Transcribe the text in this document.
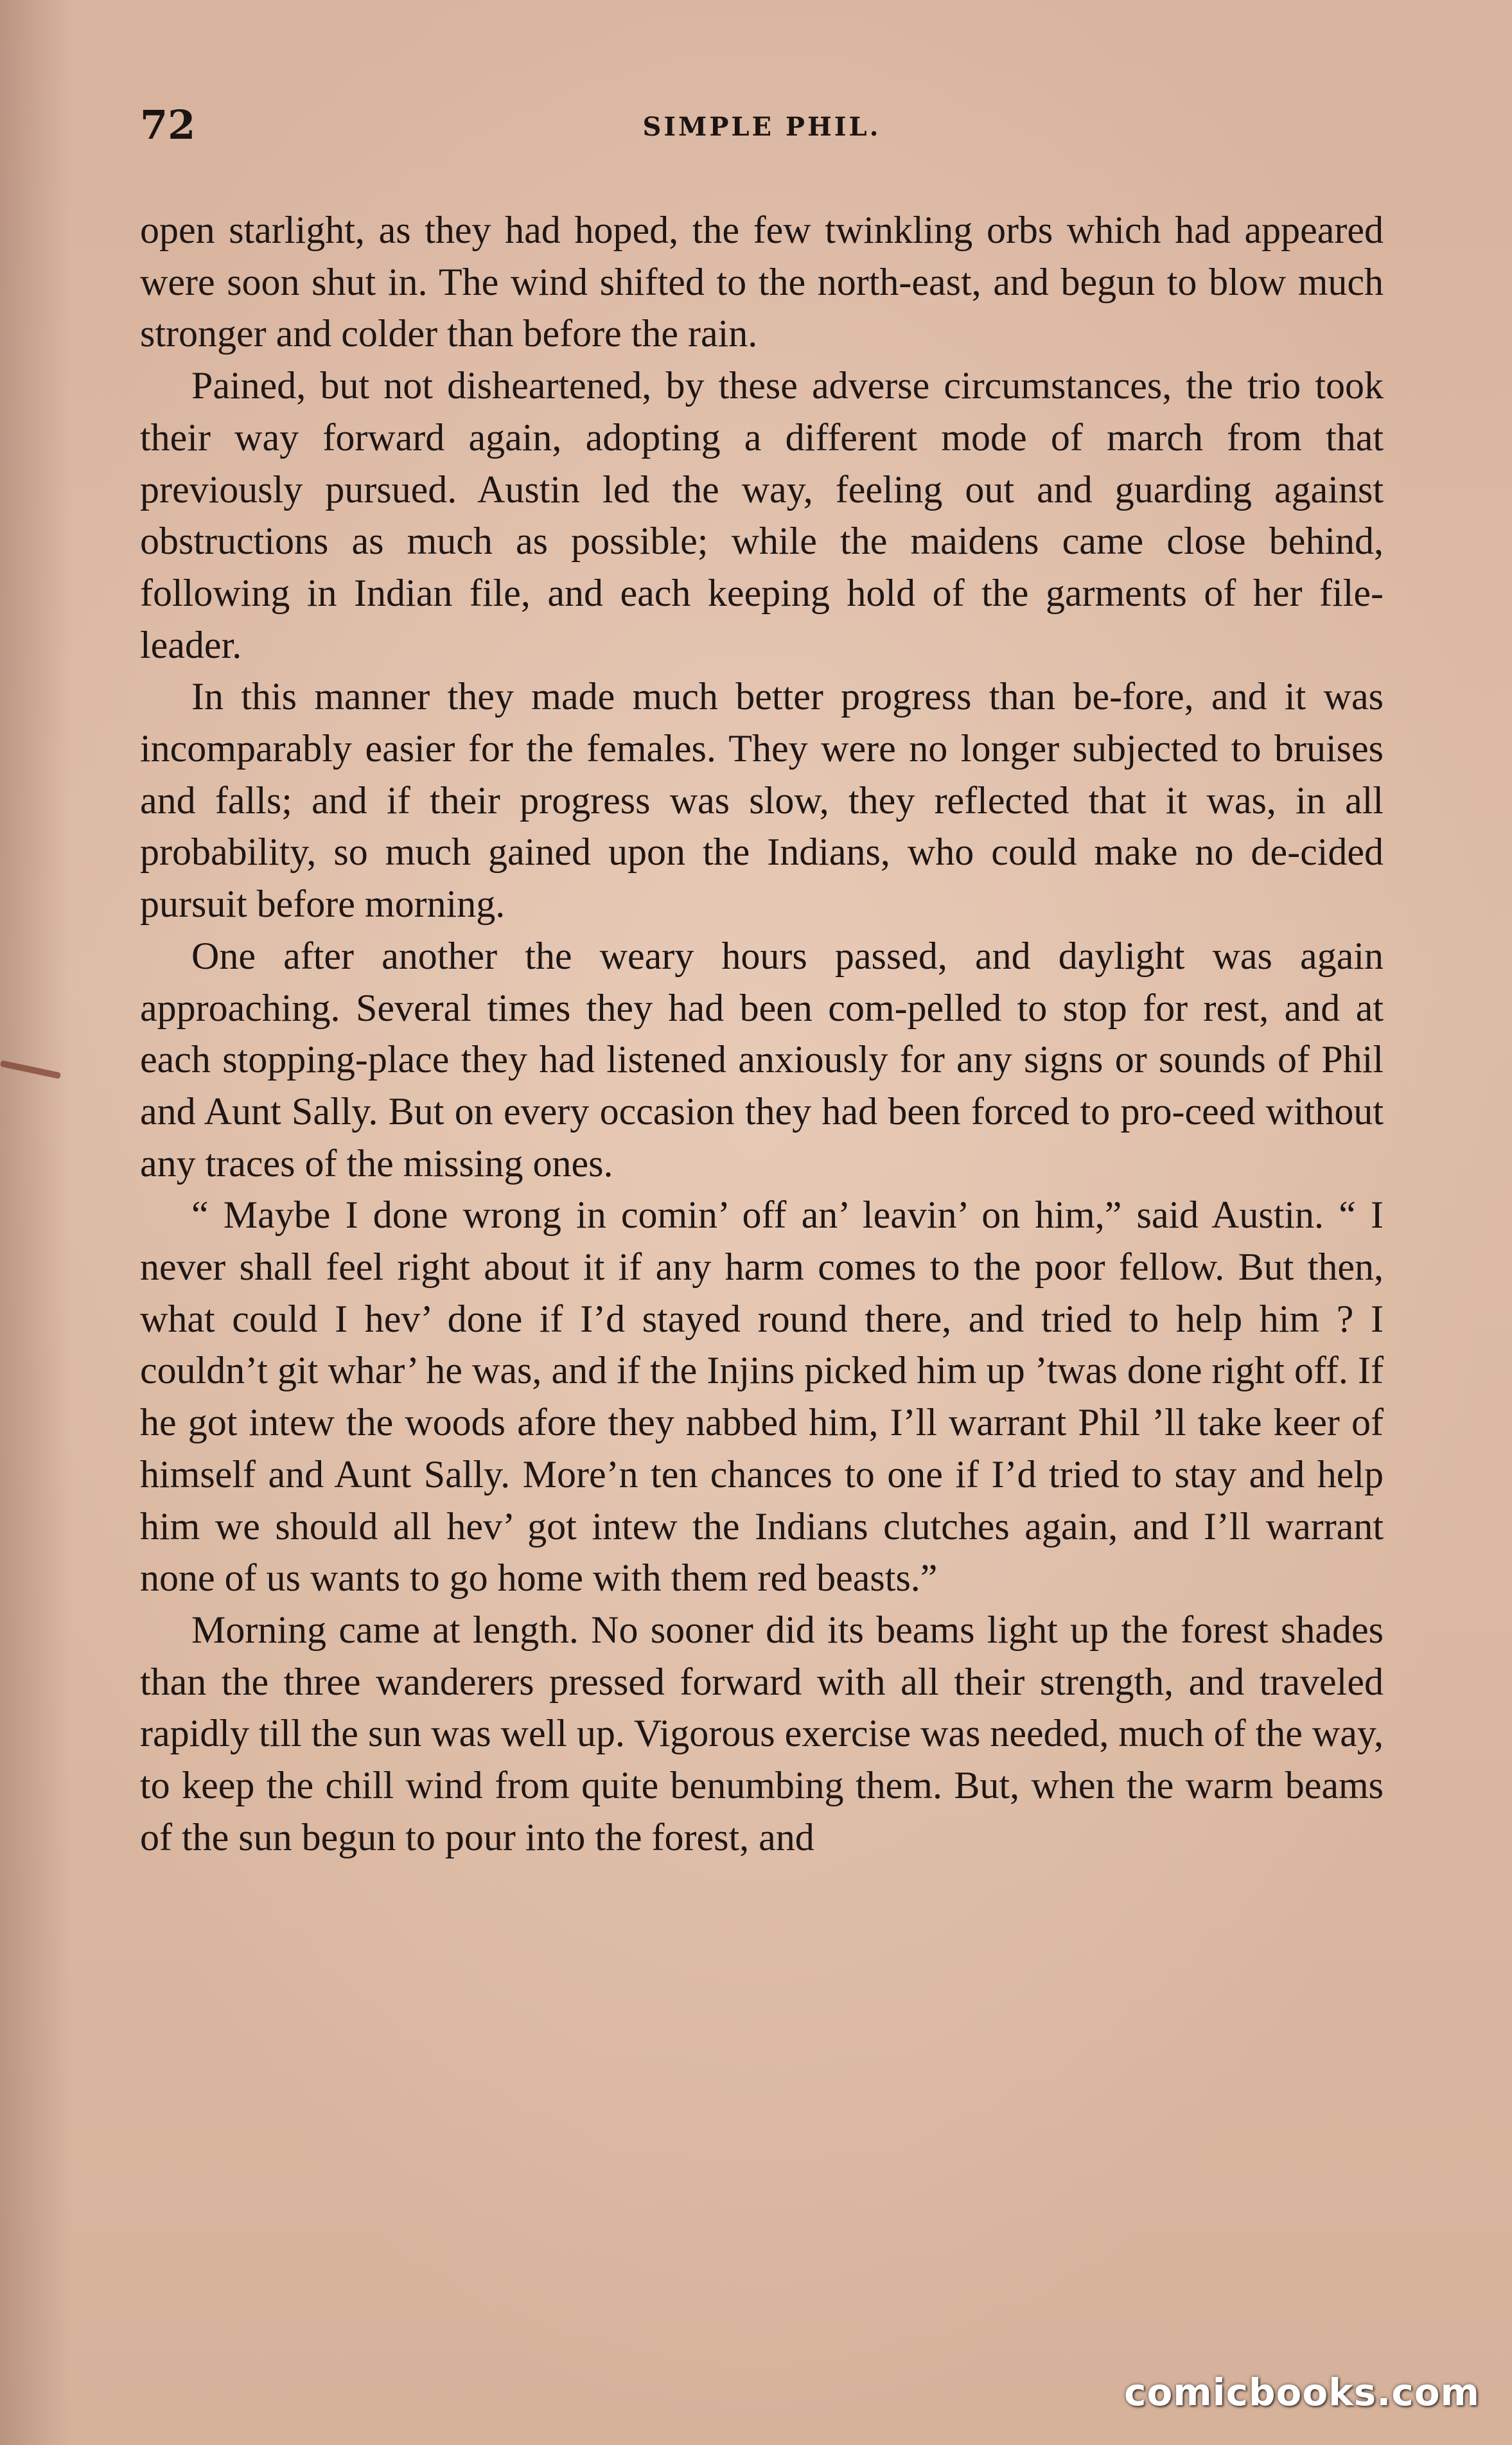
72	SIMPLE PHIL.

open starlight, as they had hoped, the few twinkling orbs which had appeared were soon shut in. The wind shifted to the north-east, and begun to blow much stronger and colder than before the rain.

Pained, but not disheartened, by these adverse circumstances, the trio took their way forward again, adopting a different mode of march from that previously pursued. Austin led the way, feeling out and guarding against obstructions as much as possible; while the maidens came close behind, following in Indian file, and each keeping hold of the garments of her file-leader.

In this manner they made much better progress than be-fore, and it was incomparably easier for the females. They were no longer subjected to bruises and falls; and if their progress was slow, they reflected that it was, in all probability, so much gained upon the Indians, who could make no de-cided pursuit before morning.

One after another the weary hours passed, and daylight was again approaching. Several times they had been com-pelled to stop for rest, and at each stopping-place they had listened anxiously for any signs or sounds of Phil and Aunt Sally. But on every occasion they had been forced to pro-ceed without any traces of the missing ones.

“ Maybe I done wrong in comin’ off an’ leavin’ on him,” said Austin. “ I never shall feel right about it if any harm comes to the poor fellow. But then, what could I hev’ done if I’d stayed round there, and tried to help him ? I couldn’t git whar’ he was, and if the Injins picked him up ’twas done right off. If he got intew the woods afore they nabbed him, I’ll warrant Phil ’ll take keer of himself and Aunt Sally. More’n ten chances to one if I’d tried to stay and help him we should all hev’ got intew the Indians clutches again, and I’ll warrant none of us wants to go home with them red beasts.”

Morning came at length. No sooner did its beams light up the forest shades than the three wanderers pressed forward with all their strength, and traveled rapidly till the sun was well up. Vigorous exercise was needed, much of the way, to keep the chill wind from quite benumbing them. But, when the warm beams of the sun begun to pour into the forest, and

comicbooks.com
